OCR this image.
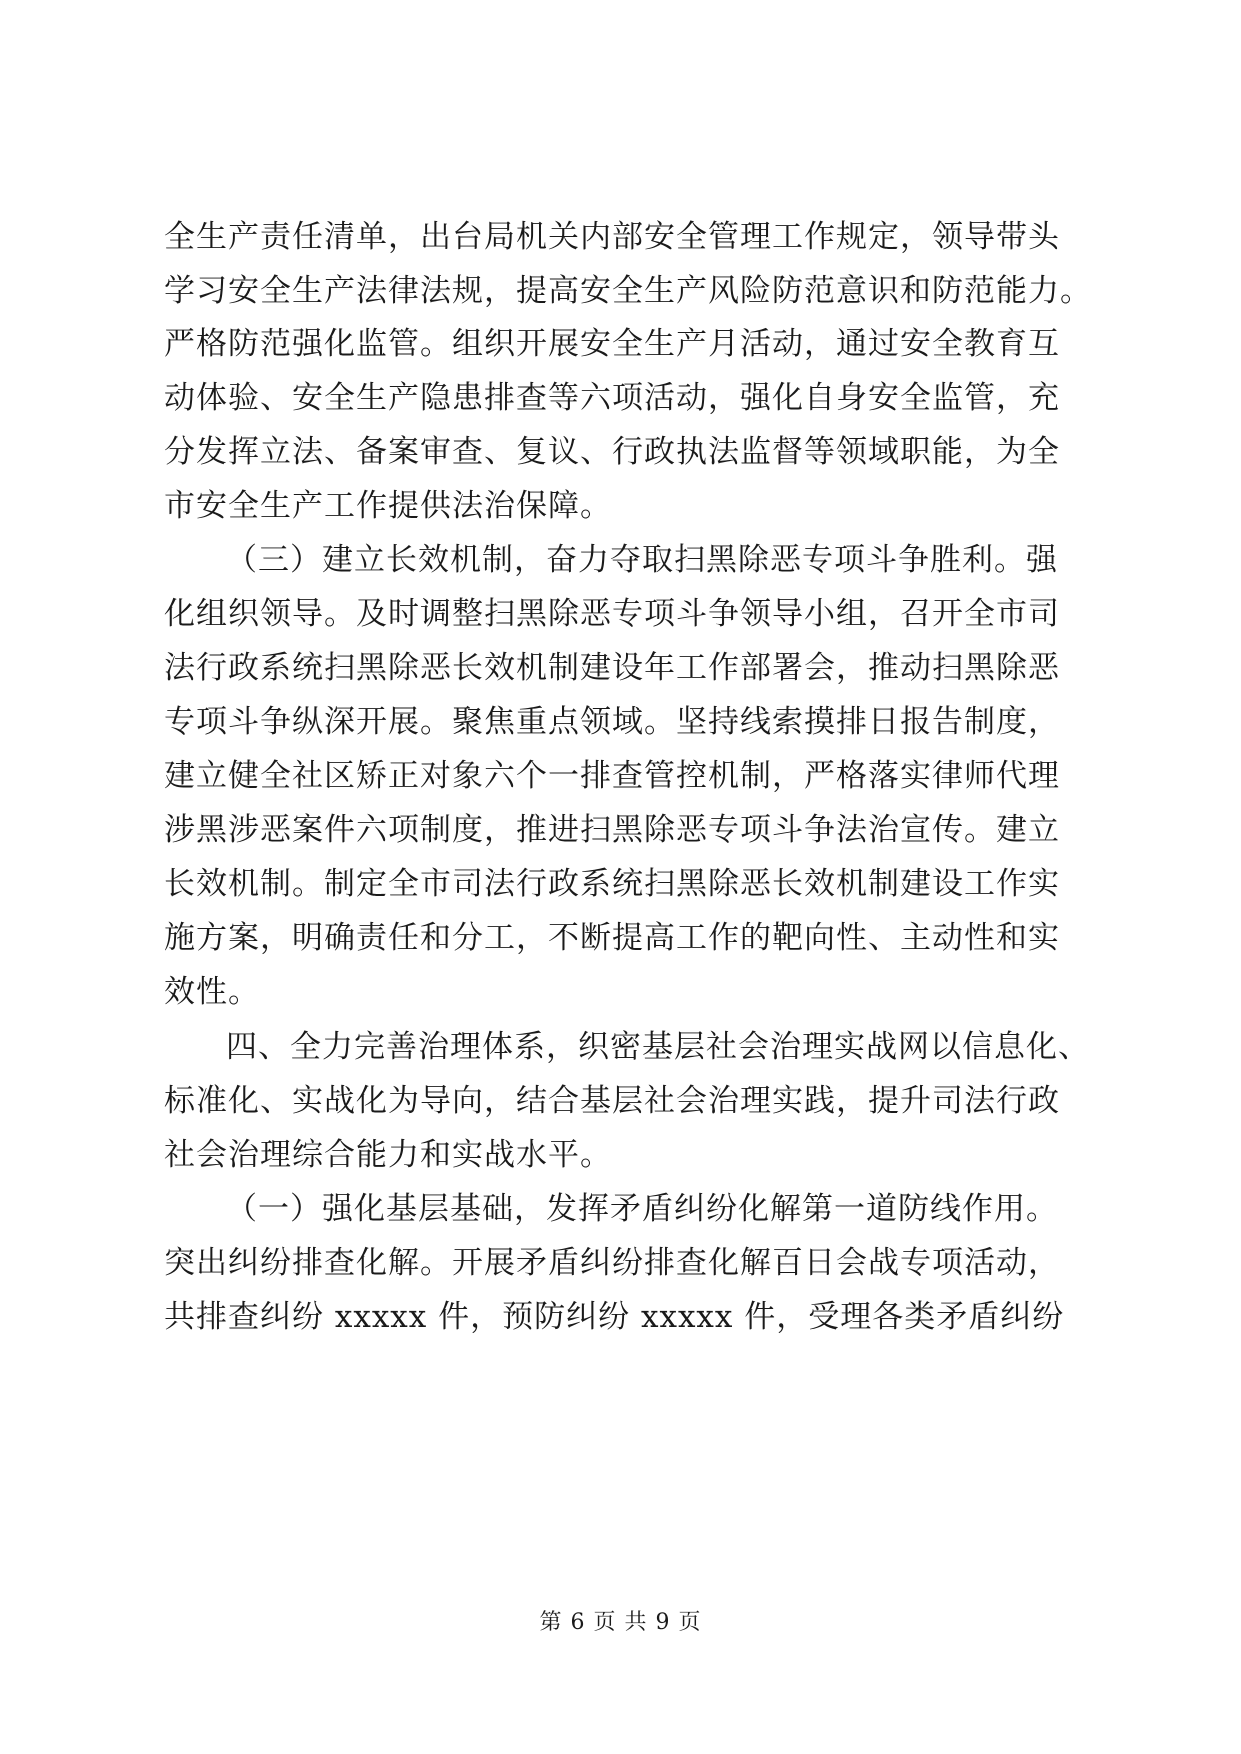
全生产责任清单，出台局机关内部安全管理工作规定，领导带头

学习安全生产法律法规，提高安全生产风险防范意识和防范能力。

严格防范强化监管。组织开展安全生产月活动，通过安全教育互

动体验、安全生产隐患排查等六项活动，强化自身安全监管，充

分发挥立法、备案审查、复议、行政执法监督等领域职能，为全

市安全生产工作提供法治保障。

（三）建立长效机制，奋力夺取扫黑除恶专项斗争胜利。强

化组织领导。及时调整扫黑除恶专项斗争领导小组，召开全市司

法行政系统扫黑除恶长效机制建设年工作部署会，推动扫黑除恶

专项斗争纵深开展。聚焦重点领域。坚持线索摸排日报告制度，

建立健全社区矫正对象六个一排查管控机制，严格落实律师代理

涉黑涉恶案件六项制度，推进扫黑除恶专项斗争法治宣传。建立

长效机制。制定全市司法行政系统扫黑除恶长效机制建设工作实

施方案，明确责任和分工，不断提高工作的靶向性、主动性和实

效性。

四、全力完善治理体系，织密基层社会治理实战网以信息化、

标准化、实战化为导向，结合基层社会治理实践，提升司法行政

社会治理综合能力和实战水平。

（一）强化基层基础，发挥矛盾纠纷化解第一道防线作用。

突出纠纷排查化解。开展矛盾纠纷排查化解百日会战专项活动，

共排查纠纷 xxxxx 件，预防纠纷 xxxxx 件，受理各类矛盾纠纷

第 6 页 共 9 页
